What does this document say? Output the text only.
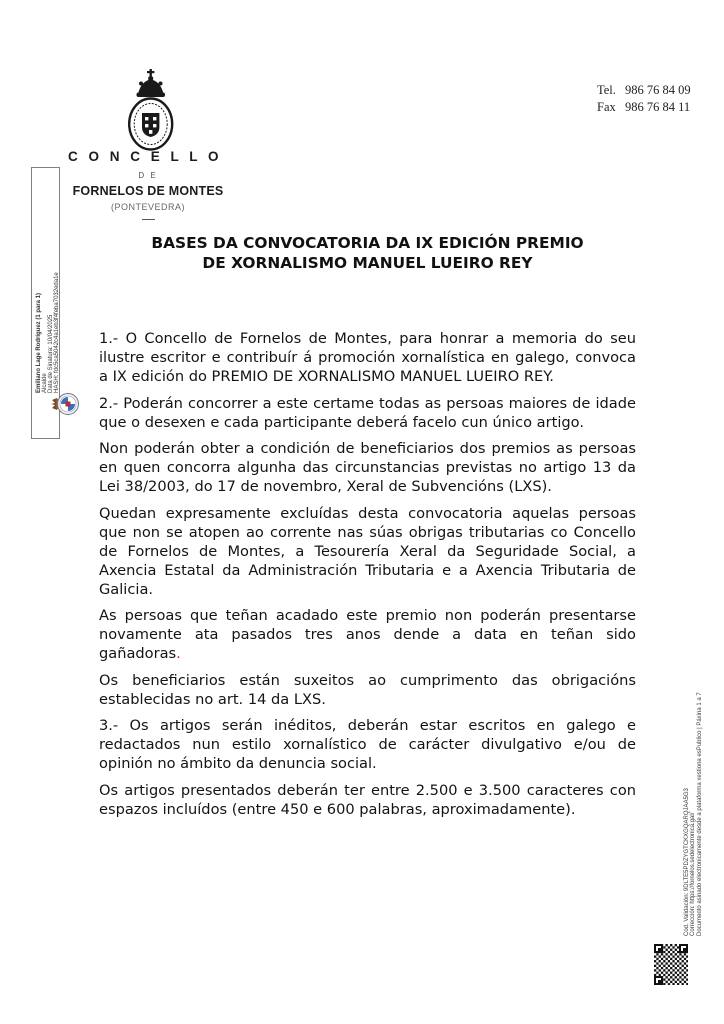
Tel. 986 76 84 09
Fax 986 76 84 11
C O N C E L L O
D E
FORNELOS DE MONTES
(PONTEVEDRA)
BASES DA CONVOCATORIA DA IX EDICIÓN PREMIO
DE XORNALISMO MANUEL LUEIRO REY

1.- O Concello de Fornelos de Montes, para honrar a memoria do seu ilustre escritor e contribuír á promoción xornalística en galego, convoca a IX edición do PREMIO DE XORNALISMO MANUEL LUEIRO REY.

2.- Poderán concorrer a este certame todas as persoas maiores de idade que o desexen e cada participante deberá facelo cun único artigo.

Non poderán obter a condición de beneficiarios dos premios as persoas en quen concorra algunha das circunstancias previstas no artigo 13 da Lei 38/2003, do 17 de novembro, Xeral de Subvencións (LXS).

Quedan expresamente excluídas desta convocatoria aquelas persoas que non se atopen ao corrente nas súas obrigas tributarias co Concello de Fornelos de Montes, a Tesourería Xeral da Seguridade Social, a Axencia Estatal da Administración Tributaria e a Axencia Tributaria de Galicia.

As persoas que teñan acadado este premio non poderán presentarse novamente ata pasados tres anos dende a data en teñan sido gañadoras.

Os beneficiarios están suxeitos ao cumprimento das obrigacións establecidas no art. 14 da LXS.

3.- Os artigos serán inéditos, deberán estar escritos en galego e redactados nun estilo xornalístico de carácter divulgativo e/ou de opinión no ámbito da denuncia social.

Os artigos presentados deberán ter entre 2.500 e 3.500 caracteres con espazos incluídos (entre 450 e 600 palabras, aproximadamente).

Emiliano Lage Rodríguez (1 para 1) Alcalde Data de Sinatura: 10/04/2025 HASH: fdc5ca5042c4a1eb3f4feba7032eda1e
Cod. Validación: 9DLTE5PDZYGTCKXGQARQJAA5G3 Corrección: https://fornelos.sedelectronica.gal/ Documento asinado electronicamente desde a plataforma xestiona esPublico | Páxina 1 a 7
